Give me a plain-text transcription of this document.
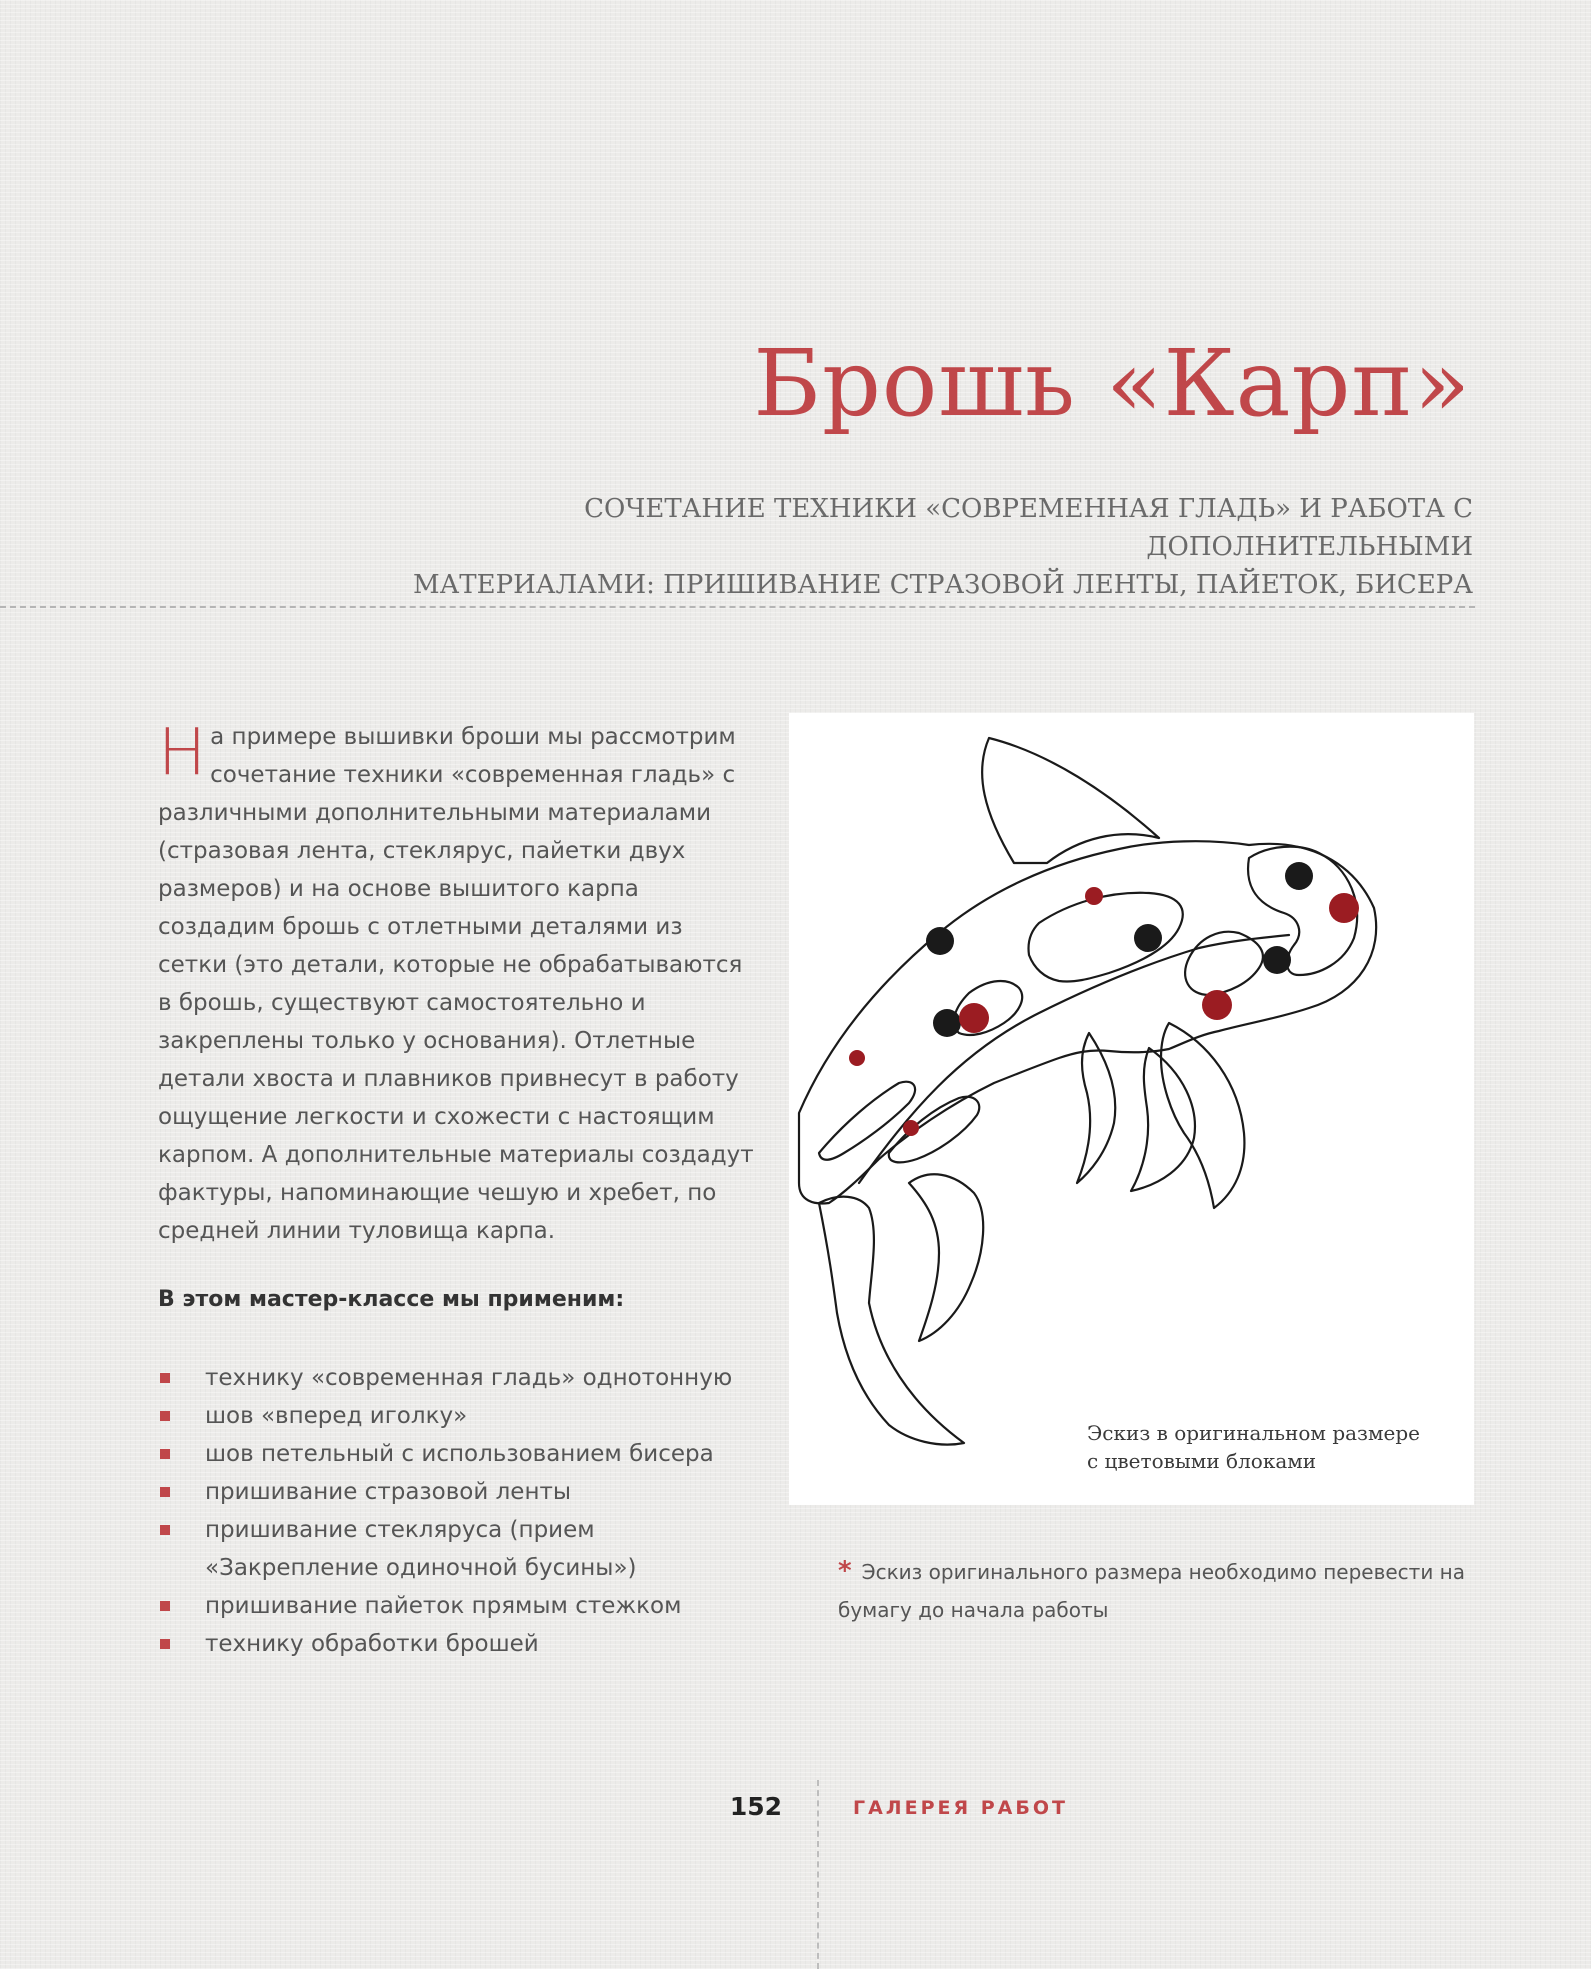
Брошь «Карп»
СОЧЕТАНИЕ ТЕХНИКИ «СОВРЕМЕННАЯ ГЛАДЬ» И РАБОТА С ДОПОЛНИТЕЛЬНЫМИ
МАТЕРИАЛАМИ: ПРИШИВАНИЕ СТРАЗОВОЙ ЛЕНТЫ, ПАЙЕТОК, БИСЕРА

На примере вышивки броши мы рассмотрим сочетание техники «современная гладь» с различными дополнительными материалами (стразовая лента, стеклярус, пайетки двух размеров) и на основе вышитого карпа создадим брошь с отлетными деталями из сетки (это детали, которые не обрабатываются в брошь, существуют самостоятельно и закреплены только у основания). Отлетные детали хвоста и плавников привнесут в работу ощущение легкости и схожести с настоящим карпом. А дополнительные материалы создадут фактуры, напоминающие чешую и хребет, по средней линии туловища карпа.

В этом мастер-классе мы применим:
технику «современная гладь» однотонную
шов «вперед иголку»
шов петельный с использованием бисера
пришивание стразовой ленты
пришивание стекляруса (прием «Закрепление одиночной бусины»)
пришивание пайеток прямым стежком
технику обработки брошей
Эскиз в оригинальном размере
с цветовыми блоками

* Эскиз оригинального размера необходимо перевести на бумагу до начала работы

152	ГАЛЕРЕЯ РАБОТ
